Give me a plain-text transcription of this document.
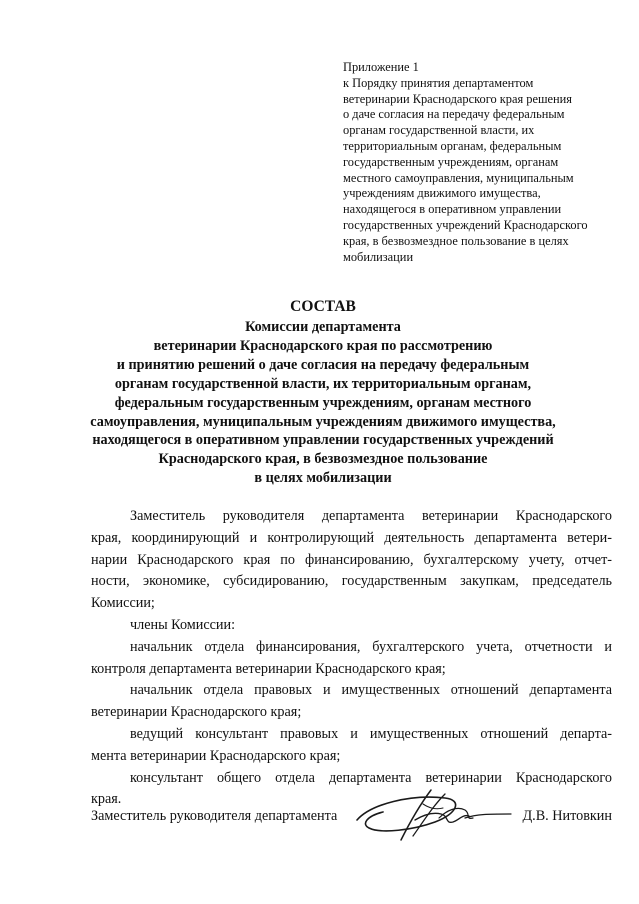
Приложение 1
к Порядку принятия департаментом
ветеринарии Краснодарского края решения
о даче согласия на передачу федеральным
органам государственной власти, их
территориальным органам, федеральным
государственным учреждениям, органам
местного самоуправления, муниципальным
учреждениям движимого имущества,
находящегося в оперативном управлении
государственных учреждений Краснодарского
края, в безвозмездное пользование в целях
мобилизации
СОСТАВ
Комиссии департамента
ветеринарии Краснодарского края по рассмотрению
и принятию решений о даче согласия на передачу федеральным
органам государственной власти, их территориальным органам,
федеральным государственным учреждениям, органам местного
самоуправления, муниципальным учреждениям движимого имущества,
находящегося в оперативном управлении государственных учреждений
Краснодарского края, в безвозмездное пользование
в целях мобилизации
Заместитель руководителя департамента ветеринарии Краснодарского
края, координирующий и контролирующий деятельность департамента ветери-
нарии Краснодарского края по финансированию, бухгалтерскому учету, отчет-
ности, экономике, субсидированию, государственным закупкам, председатель
Комиссии;
члены Комиссии:
начальник отдела финансирования, бухгалтерского учета, отчетности и
контроля департамента ветеринарии Краснодарского края;
начальник отдела правовых и имущественных отношений департамента
ветеринарии Краснодарского края;
ведущий консультант правовых и имущественных отношений департа-
мента ветеринарии Краснодарского края;
консультант общего отдела департамента ветеринарии Краснодарского
края.
Заместитель руководителя департамента	Д.В. Нитовкин
